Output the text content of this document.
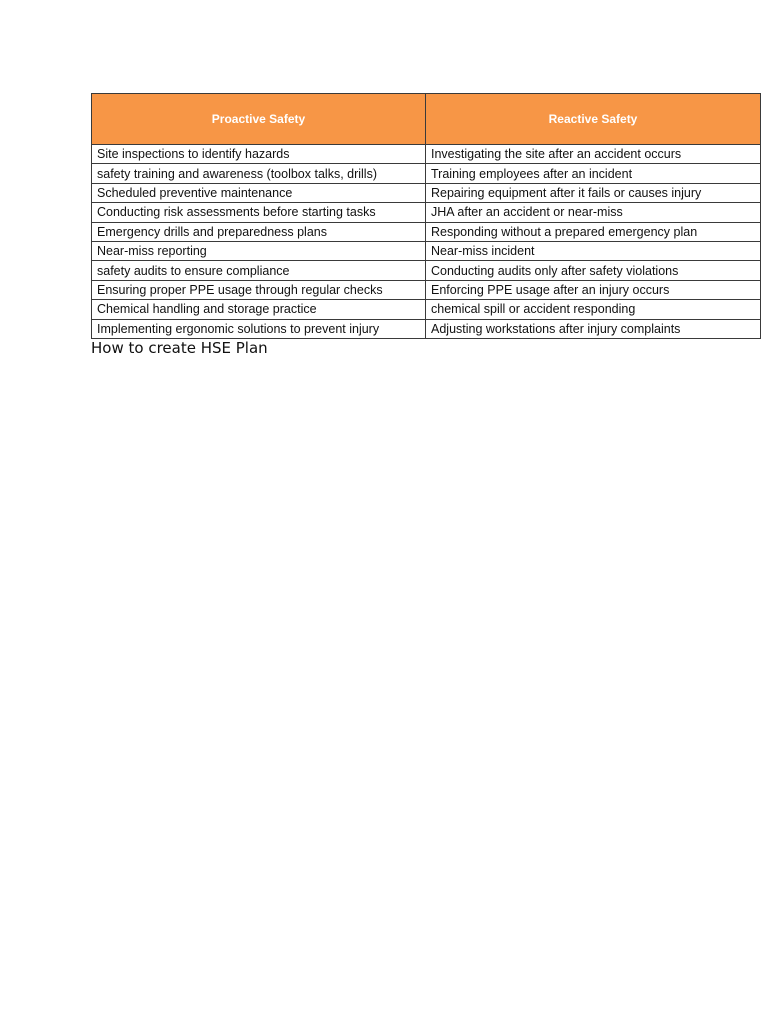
Proactive Safety	Reactive Safety
Site inspections to identify hazards	Investigating the site after an accident occurs
safety training and awareness (toolbox talks, drills)	Training employees after an incident
Scheduled preventive maintenance	Repairing equipment after it fails or causes injury
Conducting risk assessments before starting tasks	JHA after an accident or near-miss
Emergency drills and preparedness plans	Responding without a prepared emergency plan
Near-miss reporting	Near-miss incident
safety audits to ensure compliance	Conducting audits only after safety violations
Ensuring proper PPE usage through regular checks	Enforcing PPE usage after an injury occurs
Chemical handling and storage practice	chemical spill or accident responding
Implementing ergonomic solutions to prevent injury	Adjusting workstations after injury complaints
How to create HSE Plan
